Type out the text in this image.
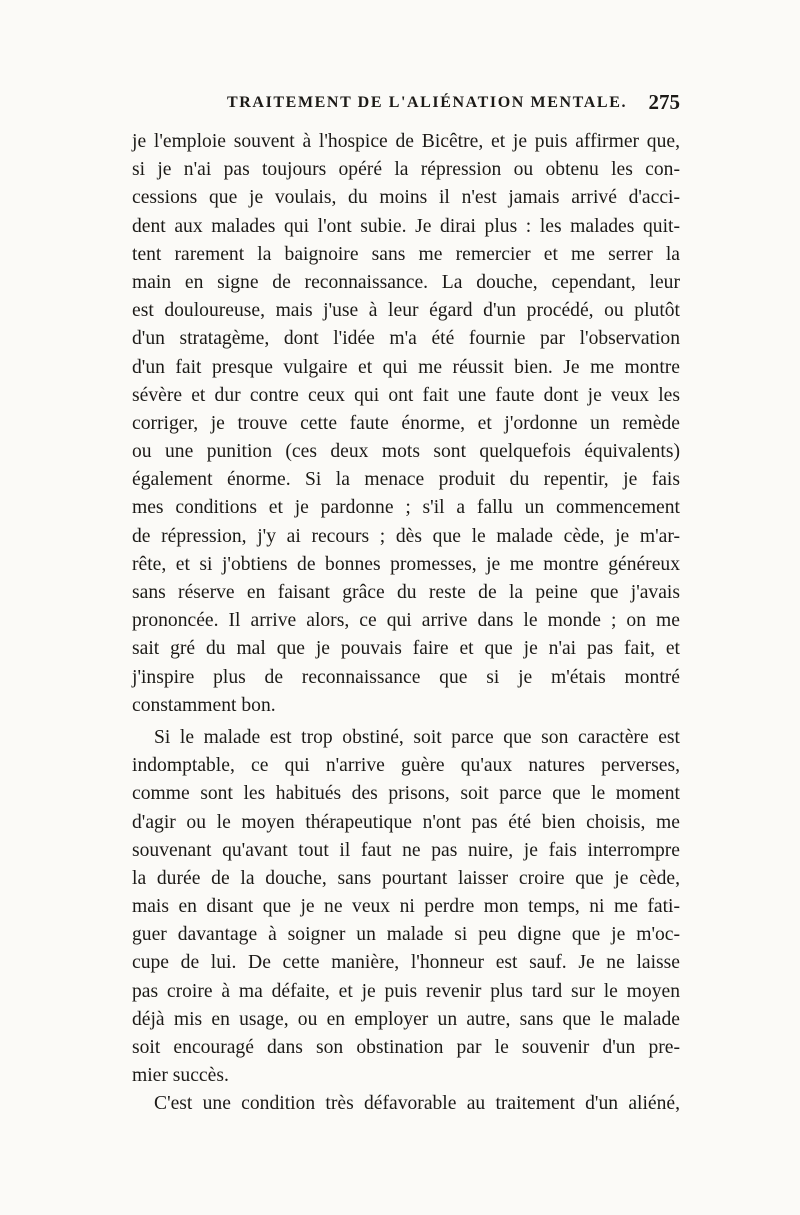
TRAITEMENT DE L'ALIÉNATION MENTALE. 275
je l'emploie souvent à l'hospice de Bicêtre, et je puis affirmer que,
si je n'ai pas toujours opéré la répression ou obtenu les con-
cessions que je voulais, du moins il n'est jamais arrivé d'acci-
dent aux malades qui l'ont subie. Je dirai plus : les malades quit-
tent rarement la baignoire sans me remercier et me serrer la
main en signe de reconnaissance. La douche, cependant, leur
est douloureuse, mais j'use à leur égard d'un procédé, ou plutôt
d'un stratagème, dont l'idée m'a été fournie par l'observation
d'un fait presque vulgaire et qui me réussit bien. Je me montre
sévère et dur contre ceux qui ont fait une faute dont je veux les
corriger, je trouve cette faute énorme, et j'ordonne un remède
ou une punition (ces deux mots sont quelquefois équivalents)
également énorme. Si la menace produit du repentir, je fais
mes conditions et je pardonne ; s'il a fallu un commencement
de répression, j'y ai recours ; dès que le malade cède, je m'ar-
rête, et si j'obtiens de bonnes promesses, je me montre généreux
sans réserve en faisant grâce du reste de la peine que j'avais
prononcée. Il arrive alors, ce qui arrive dans le monde ; on me
sait gré du mal que je pouvais faire et que je n'ai pas fait, et
j'inspire plus de reconnaissance que si je m'étais montré
constamment bon.
Si le malade est trop obstiné, soit parce que son caractère est
indomptable, ce qui n'arrive guère qu'aux natures perverses,
comme sont les habitués des prisons, soit parce que le moment
d'agir ou le moyen thérapeutique n'ont pas été bien choisis, me
souvenant qu'avant tout il faut ne pas nuire, je fais interrompre
la durée de la douche, sans pourtant laisser croire que je cède,
mais en disant que je ne veux ni perdre mon temps, ni me fati-
guer davantage à soigner un malade si peu digne que je m'oc-
cupe de lui. De cette manière, l'honneur est sauf. Je ne laisse
pas croire à ma défaite, et je puis revenir plus tard sur le moyen
déjà mis en usage, ou en employer un autre, sans que le malade
soit encouragé dans son obstination par le souvenir d'un pre-
mier succès.
C'est une condition très défavorable au traitement d'un aliéné,
